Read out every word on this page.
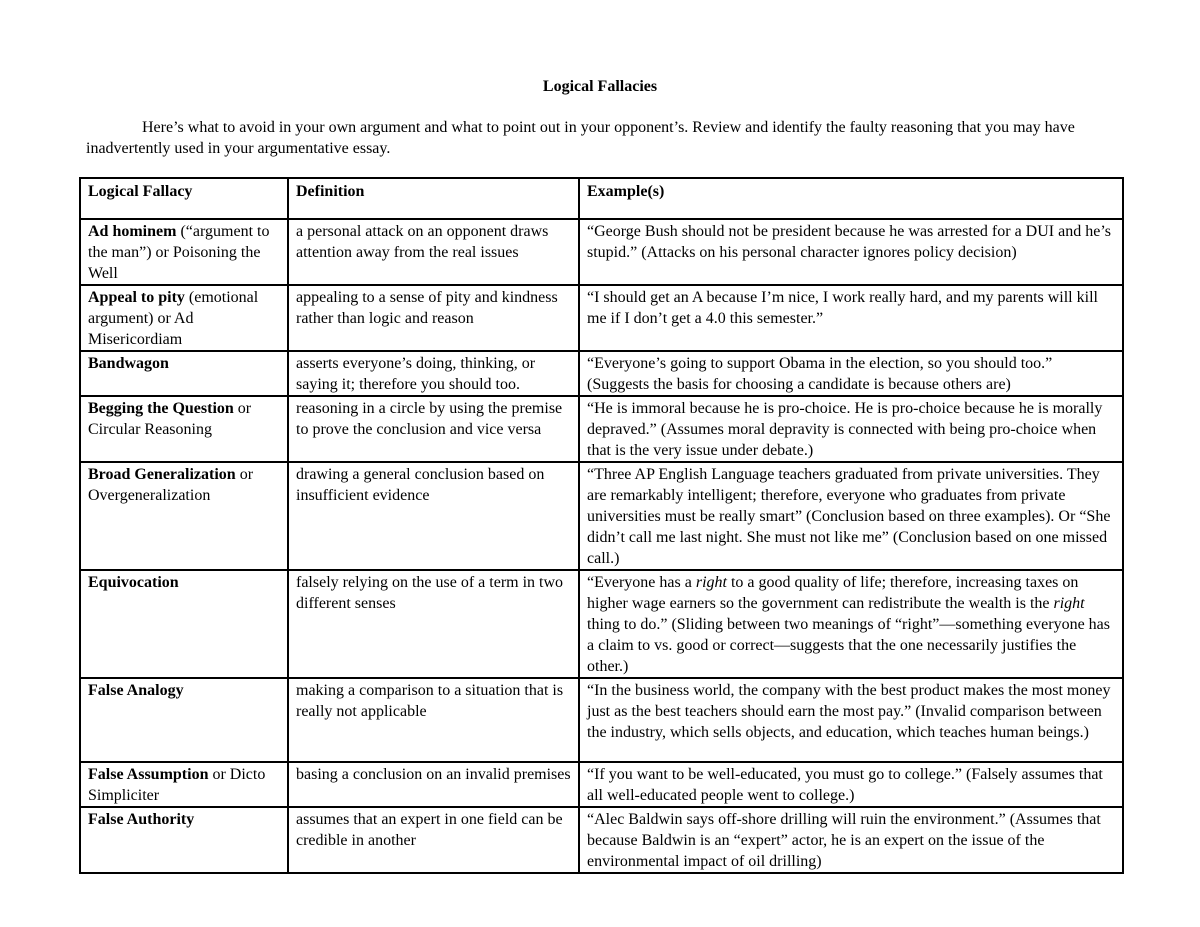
Logical Fallacies
Here’s what to avoid in your own argument and what to point out in your opponent’s. Review and identify the faulty reasoning that you may have inadvertently used in your argumentative essay.
Logical Fallacy	Definition	Example(s)
Ad hominem (“argument to the man”) or Poisoning the Well	a personal attack on an opponent draws attention away from the real issues	“George Bush should not be president because he was arrested for a DUI and he’s stupid.” (Attacks on his personal character ignores policy decision)
Appeal to pity (emotional argument) or Ad Misericordiam	appealing to a sense of pity and kindness rather than logic and reason	“I should get an A because I’m nice, I work really hard, and my parents will kill me if I don’t get a 4.0 this semester.”
Bandwagon	asserts everyone’s doing, thinking, or saying it; therefore you should too.	“Everyone’s going to support Obama in the election, so you should too.” (Suggests the basis for choosing a candidate is because others are)
Begging the Question or Circular Reasoning	reasoning in a circle by using the premise to prove the conclusion and vice versa	“He is immoral because he is pro-choice. He is pro-choice because he is morally depraved.” (Assumes moral depravity is connected with being pro-choice when that is the very issue under debate.)
Broad Generalization or Overgeneralization	drawing a general conclusion based on insufficient evidence	“Three AP English Language teachers graduated from private universities. They are remarkably intelligent; therefore, everyone who graduates from private universities must be really smart” (Conclusion based on three examples). Or “She didn’t call me last night. She must not like me” (Conclusion based on one missed call.)
Equivocation	falsely relying on the use of a term in two different senses	“Everyone has a right to a good quality of life; therefore, increasing taxes on higher wage earners so the government can redistribute the wealth is the right thing to do.” (Sliding between two meanings of “right”—something everyone has a claim to vs. good or correct—suggests that the one necessarily justifies the other.)
False Analogy	making a comparison to a situation that is really not applicable	“In the business world, the company with the best product makes the most money just as the best teachers should earn the most pay.” (Invalid comparison between the industry, which sells objects, and education, which teaches human beings.)
False Assumption or Dicto Simpliciter	basing a conclusion on an invalid premises	“If you want to be well-educated, you must go to college.” (Falsely assumes that all well-educated people went to college.)
False Authority	assumes that an expert in one field can be credible in another	“Alec Baldwin says off-shore drilling will ruin the environment.” (Assumes that because Baldwin is an “expert” actor, he is an expert on the issue of the environmental impact of oil drilling)
